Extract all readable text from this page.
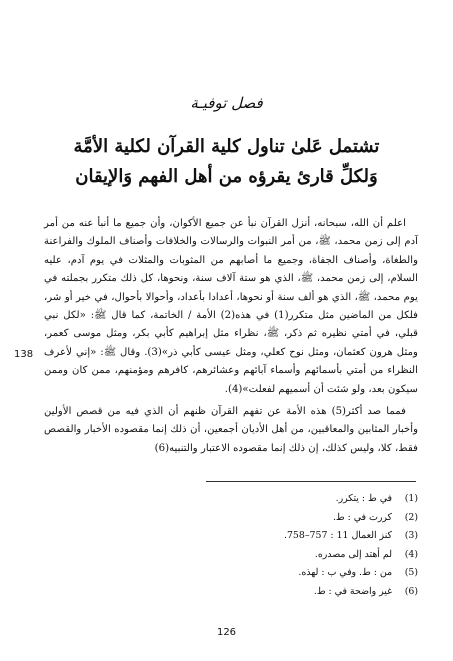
فصل توفيـة
تشتمل عَلىٰ تناول كلية القرآن لكلية الأمَّة
وَلكلِّ قارئ يقرؤه من أهل الفهم وَالإيقان
138

اعلم أن الله، سبحانه، أنزل القرآن نبأ عن جميع الأكوان، وأن جميع ما أنبأ عنه من أمر آدم إلى زمن محمد، ﷺ، من أمر النبوات والرسالات والخلافات وأصناف الملوك والفراعنة والطغاة، وأصناف الجفاة، وجميع ما أصابهم من المثوبات والمثلات في يوم آدم، عليه السلام، إلى زمن محمد، ﷺ، الذي هو ستة آلاف سنة، ونحوها، كل ذلك متكرر بجملته في يوم محمد، ﷺ، الذي هو ألف سنة أو نحوها، أعدادا بأعداد، وأحوالا بأحوال، في خير أو شر، فلكل من الماضين مثل متكرر(1) في هذه(2) الأمة / الخاتمة، كما قال ﷺ: «لكل نبي قبلي، في أمتي نظيره ثم ذكر، ﷺ، نظراء مثل إبراهيم كأبي بكر، ومثل موسى كعمر، ومثل هرون كعثمان، ومثل نوح كعلي، ومثل عيسى كأبي ذر»(3). وقال ﷺ: «إني لأعرف النظراء من أمتي بأسمائهم وأسماء آبائهم وعشائرهم، كافرهم ومؤمنهم، ممن كان وممن سيكون بعد، ولو شئت أن أسميهم لفعلت»(4).

فمما صد أكثر(5) هذه الأمة عن تفهم القرآن ظنهم أن الذي فيه من قصص الأولين وأخبار المثابين والمعاقبين، من أهل الأديان أجمعين، أن ذلك إنما مقصوده الأخبار والقصص فقط، كلا، وليس كذلك، إن ذلك إنما مقصوده الاعتبار والتنبيه(6)

(1)
في ط : يتكرر.
(2)
كررت في : ط.
(3)
كنز العمال 11 : 757–758.
(4)
لم أهتد إلى مصدره.
(5)
من : ط. وفي ب : لهذه.
(6)
غير واضحة في : ط.
126
